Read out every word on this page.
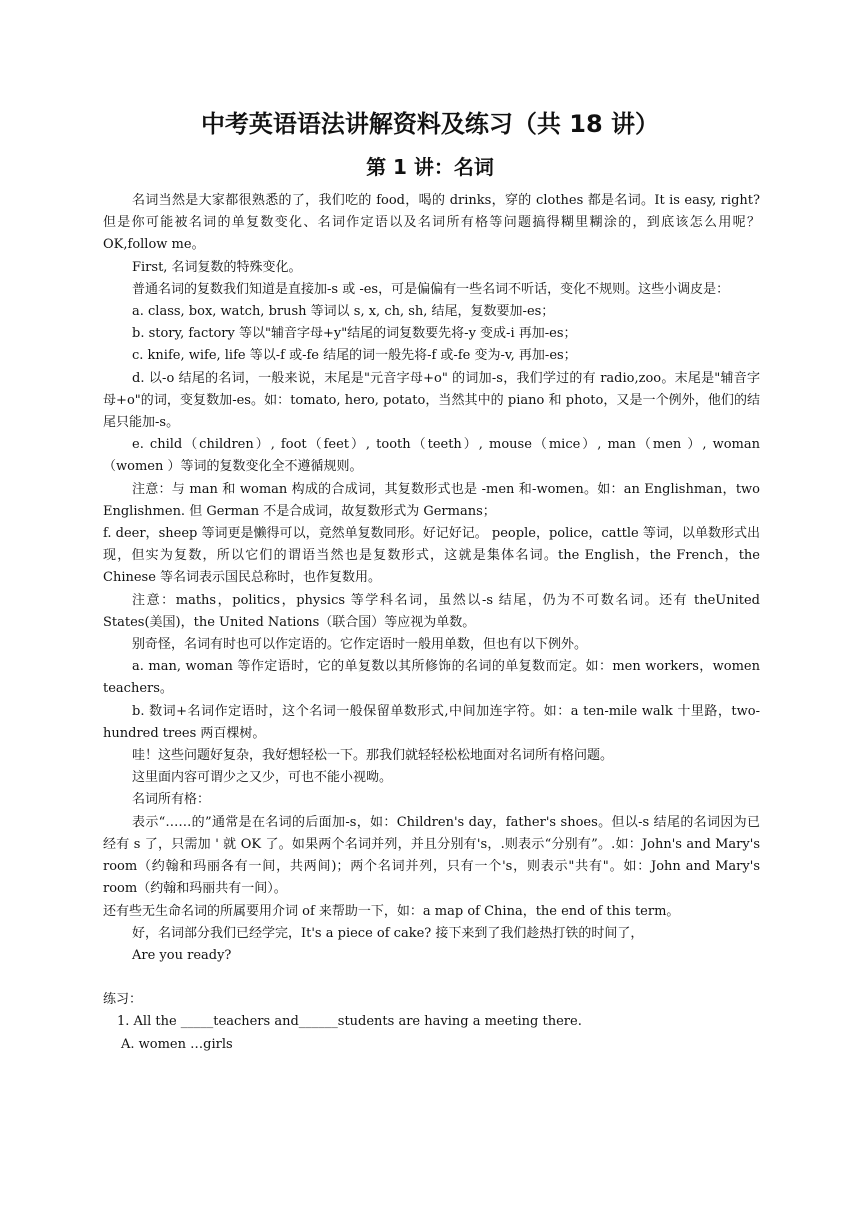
中考英语语法讲解资料及练习（共 18 讲）
第 1 讲：名词

名词当然是大家都很熟悉的了，我们吃的 food，喝的 drinks，穿的 clothes 都是名词。It is easy, right? 但是你可能被名词的单复数变化、名词作定语以及名词所有格等问题搞得糊里糊涂的，到底该怎么用呢？OK,follow me。

First, 名词复数的特殊变化。

普通名词的复数我们知道是直接加-s 或 -es，可是偏偏有一些名词不听话，变化不规则。这些小调皮是：

a. class, box, watch, brush 等词以 s, x, ch, sh, 结尾，复数要加-es；

b. story, factory 等以"辅音字母+y"结尾的词复数要先将-y 变成-i 再加-es；

c. knife, wife, life 等以-f 或-fe 结尾的词一般先将-f 或-fe 变为-v, 再加-es；

d. 以-o 结尾的名词，一般来说，末尾是"元音字母+o" 的词加-s，我们学过的有 radio,zoo。末尾是"辅音字母+o"的词，变复数加-es。如：tomato, hero, potato，当然其中的 piano 和 photo，又是一个例外，他们的结尾只能加-s。

e. child（children）, foot（feet）, tooth（teeth）, mouse（mice）, man（men ）, woman（women ）等词的复数变化全不遵循规则。

注意：与 man 和 woman 构成的合成词，其复数形式也是 -men 和-women。如：an Englishman，two Englishmen. 但 German 不是合成词，故复数形式为 Germans；

f. deer，sheep 等词更是懒得可以，竟然单复数同形。好记好记。 people，police，cattle 等词，以单数形式出现，但实为复数，所以它们的谓语当然也是复数形式，这就是集体名词。the English，the French，the Chinese 等名词表示国民总称时，也作复数用。

注意：maths，politics，physics 等学科名词，虽然以-s 结尾，仍为不可数名词。还有 theUnited States(美国)，the United Nations（联合国）等应视为单数。

别奇怪，名词有时也可以作定语的。它作定语时一般用单数，但也有以下例外。

a. man, woman 等作定语时，它的单复数以其所修饰的名词的单复数而定。如：men workers，women teachers。

b. 数词+名词作定语时，这个名词一般保留单数形式,中间加连字符。如：a ten-mile walk 十里路，two-hundred trees 两百棵树。

哇！这些问题好复杂，我好想轻松一下。那我们就轻轻松松地面对名词所有格问题。

这里面内容可谓少之又少，可也不能小视呦。

名词所有格：

表示“……的”通常是在名词的后面加-s，如：Children's day，father's shoes。但以-s 结尾的名词因为已经有 s 了，只需加 ' 就 OK 了。如果两个名词并列，并且分别有's，.则表示“分别有”。.如：John's and Mary's room（约翰和玛丽各有一间，共两间)；两个名词并列，只有一个's，则表示"共有"。如：John and Mary's room（约翰和玛丽共有一间）。

还有些无生命名词的所属要用介词 of 来帮助一下，如：a map of China，the end of this term。

好，名词部分我们已经学完，It's a piece of cake? 接下来到了我们趁热打铁的时间了，

Are you ready?

练习：

1. All the _____teachers and______students are having a meeting there.

A. women …girls
